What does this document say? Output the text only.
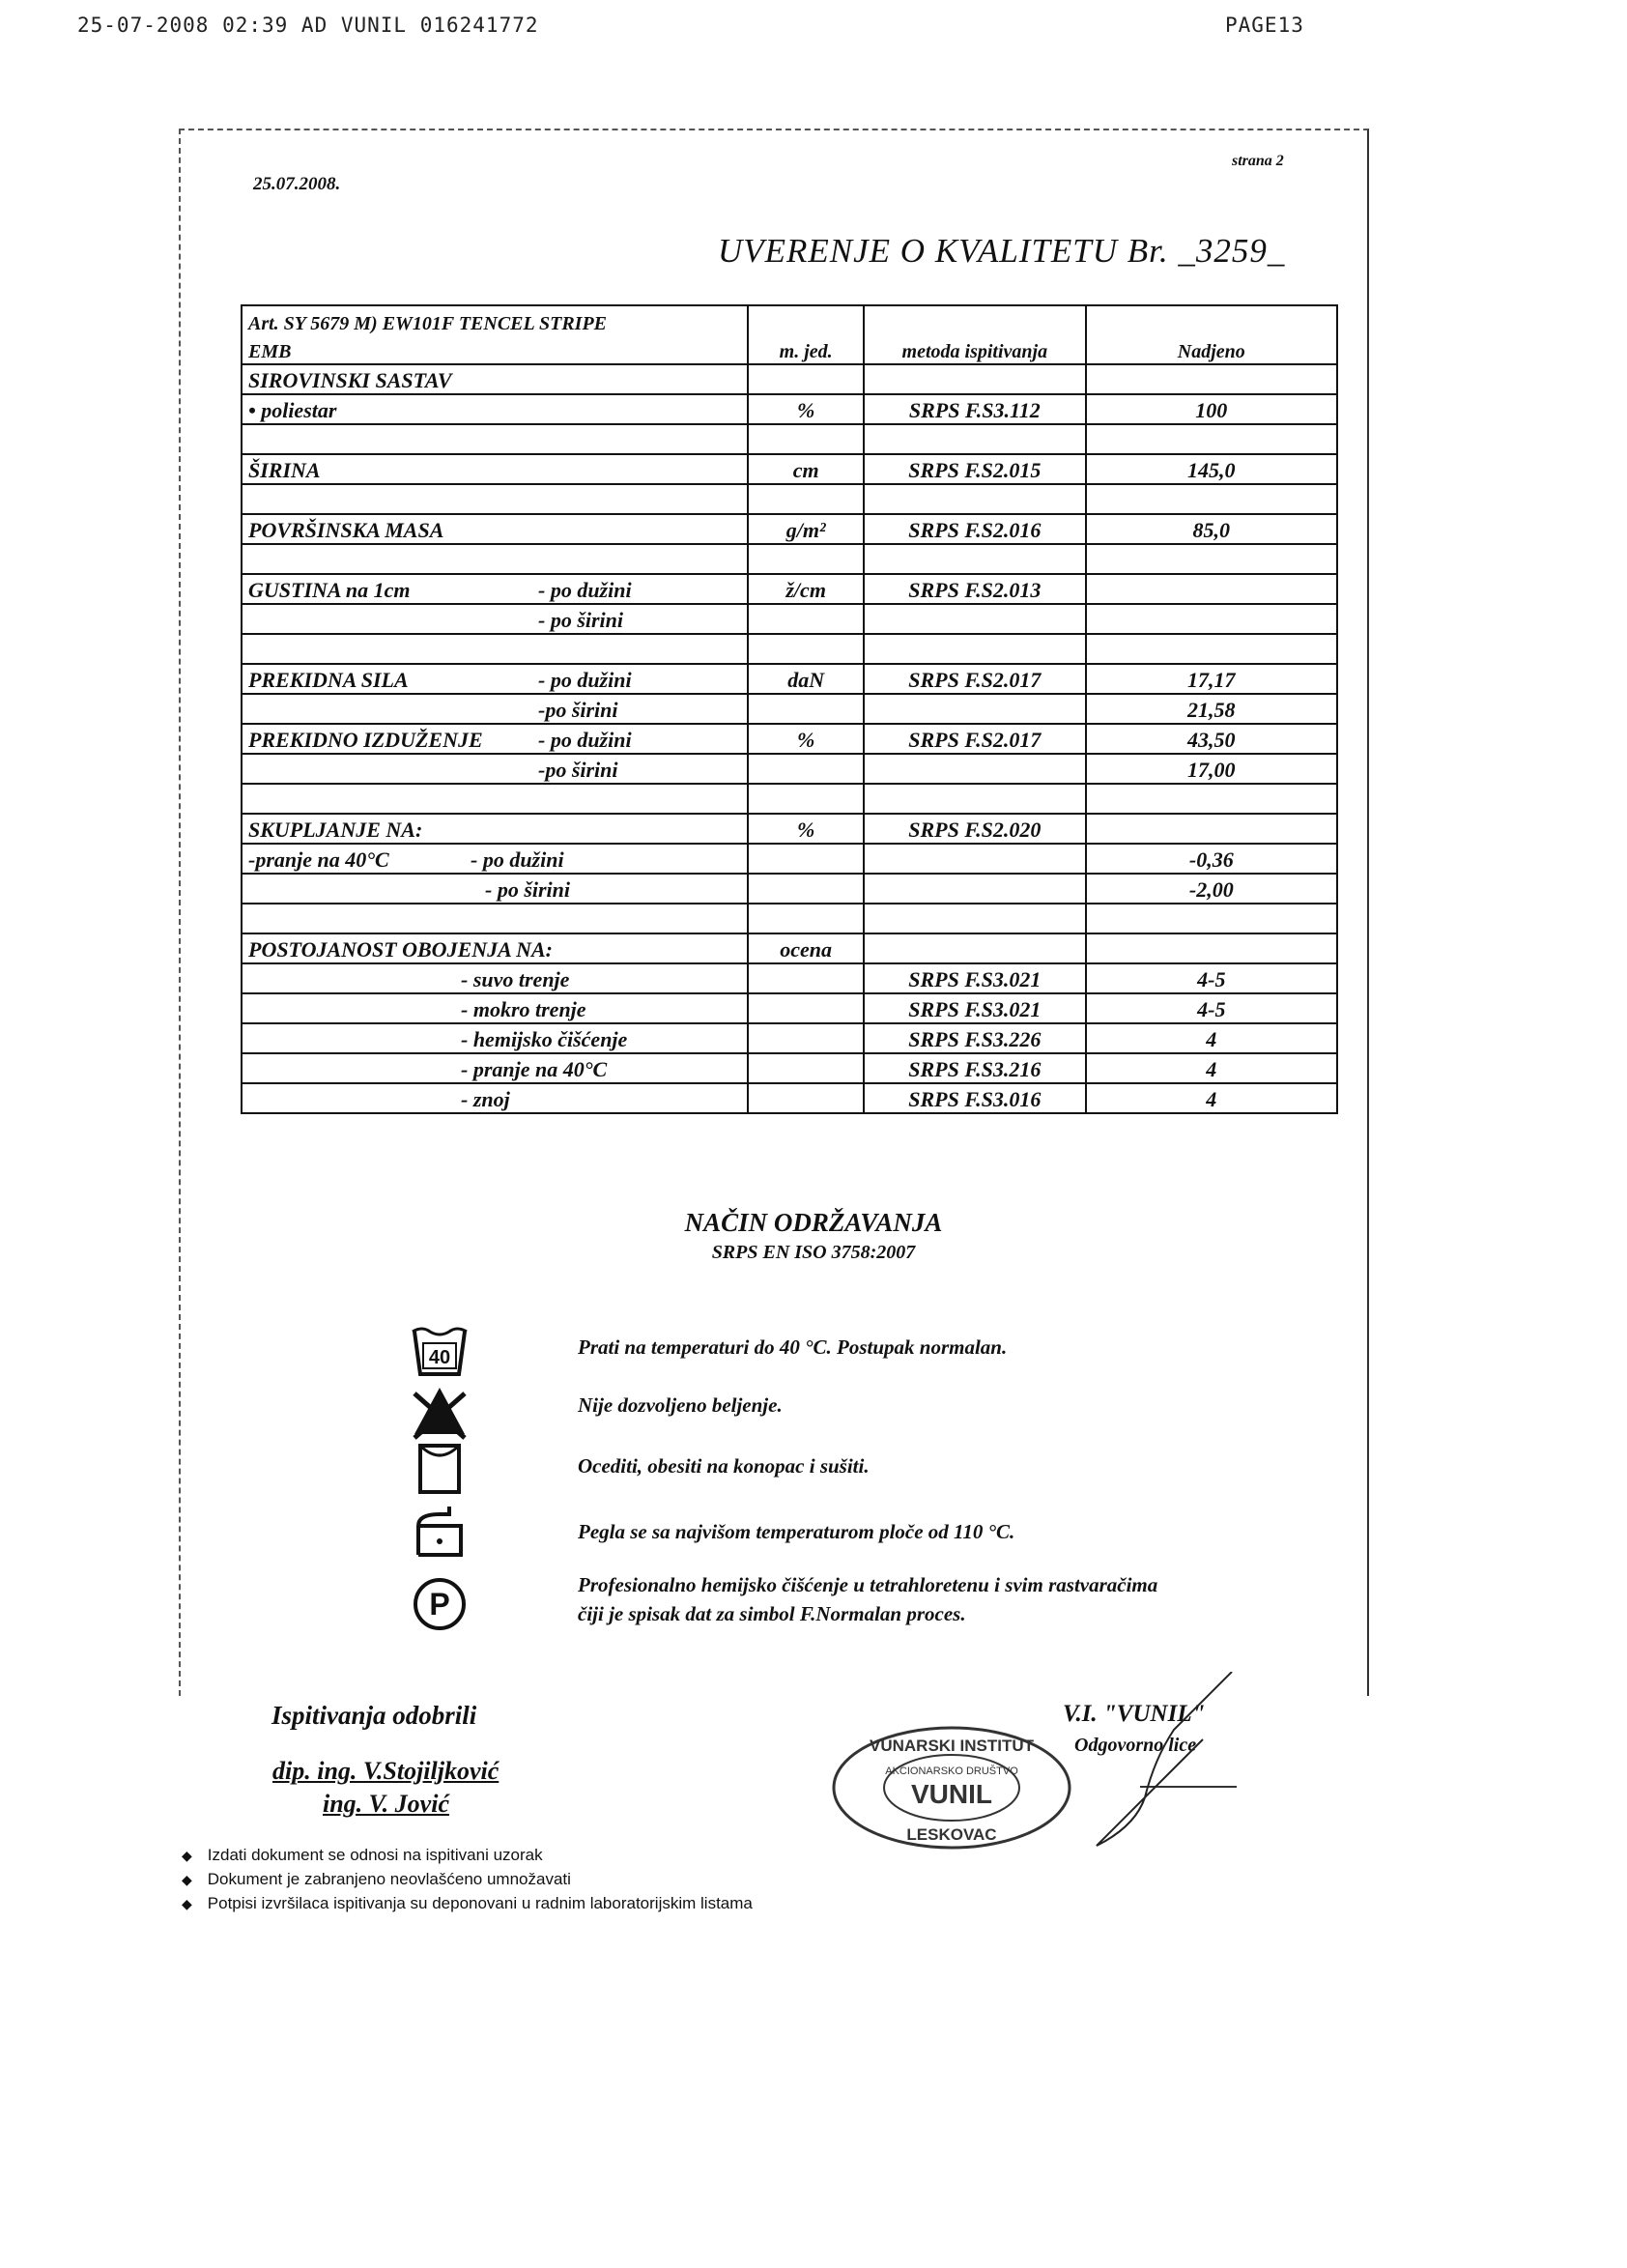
25-07-2008 02:39 AD VUNIL 016241772	PAGE13
25.07.2008.
strana 2
UVERENJE O KVALITETU Br. _3259_
Art. SY 5679 M) EW101F TENCEL STRIPE			
EMB	m. jed.	metoda ispitivanja	Nadjeno
SIROVINSKI SASTAV			
• poliestar	%	SRPS F.S3.112	100

ŠIRINA	cm	SRPS F.S2.015	145,0

POVRŠINSKA MASA	g/m²	SRPS F.S2.016	85,0

GUSTINA na 1cm - po dužini	ž/cm	SRPS F.S2.013	
- po širini			

PREKIDNA SILA - po dužini	daN	SRPS F.S2.017	17,17
-po širini			21,58
PREKIDNO IZDUŽENJE - po dužini	%	SRPS F.S2.017	43,50
-po širini			17,00

SKUPLJANJE NA:	%	SRPS F.S2.020	
-pranje na 40°C - po dužini			-0,36
- po širini			-2,00

POSTOJANOST OBOJENJA NA:	ocena		
- suvo trenje		SRPS F.S3.021	4-5
- mokro trenje		SRPS F.S3.021	4-5
- hemijsko čišćenje		SRPS F.S3.226	4
- pranje na 40°C		SRPS F.S3.216	4
- znoj		SRPS F.S3.016	4
NAČIN ODRŽAVANJA
SRPS EN ISO 3758:2007
40
P
Prati na temperaturi do 40 °C. Postupak normalan.
Nije dozvoljeno beljenje.
Ocediti, obesiti na konopac i sušiti.
Pegla se sa najvišom temperaturom ploče od 110 °C.
Profesionalno hemijsko čišćenje u tetrahloretenu i svim rastvaračima
čiji je spisak dat za simbol F.Normalan proces.
Ispitivanja odobrili
dip. ing. V.Stojiljković
ing. V. Jović
V.I. "VUNIL"
Odgovorno lice
VUNARSKI INSTITUT
AKCIONARSKO DRUŠTVO
VUNIL
LESKOVAC
◆ Izdati dokument se odnosi na ispitivani uzorak
◆ Dokument je zabranjeno neovlašćeno umnožavati
◆ Potpisi izvršilaca ispitivanja su deponovani u radnim laboratorijskim listama
